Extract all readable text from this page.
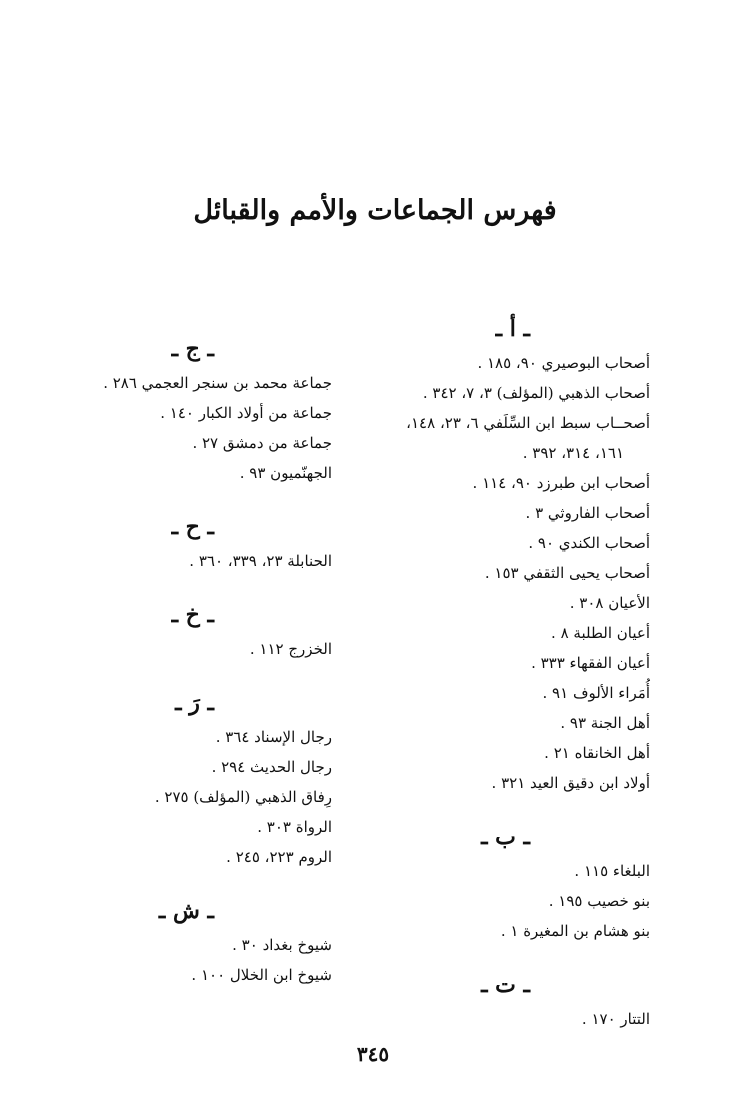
فهرس الجماعات والأمم والقبائل
ـ أ ـ
أصحاب البوصيري ٩٠، ١٨٥ .
أصحاب الذهبي (المؤلف) ٣، ٧، ٣٤٢ .
أصحــاب سبط ابن السِّلَفي ٦، ٢٣، ١٤٨،
١٦١، ٣١٤، ٣٩٢ .
أصحاب ابن طبرزد ٩٠، ١١٤ .
أصحاب الفاروثي ٣ .
أصحاب الكندي ٩٠ .
أصحاب يحيى الثقفي ١٥٣ .
الأعيان ٣٠٨ .
أعيان الطلبة ٨ .
أعيان الفقهاء ٣٣٣ .
أُمَراء الألوف ٩١ .
أهل الجنة ٩٣ .
أهل الخانقاه ٢١ .
أولاد ابن دقيق العيد ٣٢١ .
ـ ب ـ
البلغاء ١١٥ .
بنو خصيب ١٩٥ .
بنو هشام بن المغيرة ١ .
ـ ت ـ
التتار ١٧٠ .
ـ ج ـ
جماعة محمد بن سنجر العجمي ٢٨٦ .
جماعة من أولاد الكبار ١٤٠ .
جماعة من دمشق ٢٧ .
الجهنّميون ٩٣ .
ـ ح ـ
الحنابلة ٢٣، ٣٣٩، ٣٦٠ .
ـ خ ـ
الخزرج ١١٢ .
ـ رَ ـ
رجال الإسناد ٣٦٤ .
رجال الحديث ٢٩٤ .
رِفاق الذهبي (المؤلف) ٢٧٥ .
الرواة ٣٠٣ .
الروم ٢٢٣، ٢٤٥ .
ـ ش ـ
شيوخ بغداد ٣٠ .
شيوخ ابن الخلال ١٠٠ .
٣٤٥
